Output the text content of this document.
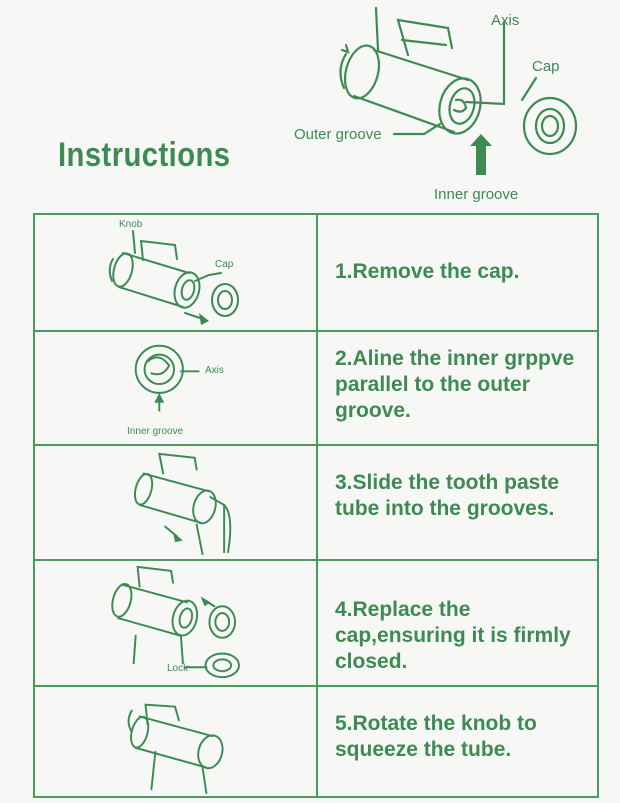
Instructions
Axis
Cap
Outer groove
Inner groove
Knob
Cap	1.Remove the cap.
Axis
Inner groove
2.Aline the inner grppve parallel to the outer groove.
3.Slide the tooth paste tube into the grooves.
Lock
4.Replace the cap,ensuring it is firmly closed.
5.Rotate the knob to squeeze the tube.
